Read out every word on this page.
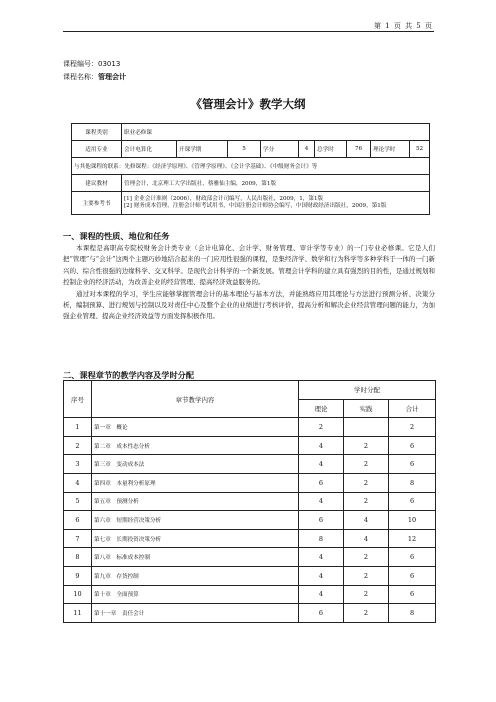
第 1 页 共 5 页
课程编号：03013
课程名称：管理会计
《管理会计》教学大纲
课程类别	职业必修课								
适用专业	会计电算化	开课学期	5	学分	4	总学时	76	理论学时	52
与其他课程的联系：先修课程：《经济学原理》、《管理学原理》、《会计学基础》、《中级财务会计》等									
建议教材	管理会计，北京理工大学出版社，蔡雅仙主编，2009，第1版								
主要参考书	[1] 企业会计准则（2006），财政部会计司编写，人民出版社，2009，1，第1版
[2] 财务成本管理，注册会计师考试用书，中国注册会计师协会编写，中国财政经济出版社，2009，第1版								
一、课程的性质、地位和任务

本课程是高职高专院校财务会计类专业（会计电算化、会计学、财务管理、审计学等专业）的一门专业必修课。它是人们把“管理”与“会计”这两个主题巧妙地结合起来的一门应用性很强的课程，是集经济学、数学和行为科学等多种学科于一体的一门新兴的、综合性很强的边缘科学、交叉科学。是现代会计科学的一个新发展。管理会计学科的建立具有强烈的目的性，是通过规划和控制企业的经济活动，为改善企业的经营管理、提高经济效益服务的。

通过对本课程的学习，学生应能够掌握管理会计的基本理论与基本方法，并能熟练应用其理论与方法进行预测分析、决策分析，编制预算、进行规划与控制以及对责任中心及整个企业的业绩进行考核评价，提高分析和解决企业经营管理问题的能力，为加强企业管理、提高企业经济效益等方面发挥积极作用。

二、课程章节的教学内容及学时分配
序号	章节教学内容	学时分配		
		理论	实践	合计
1	第一章　概论	2		2
2	第二章　成本性态分析	4	2	6
3	第三章　变动成本法	4	2	6
4	第四章　本量利分析原理	6	2	8
5	第五章　预测分析	4	2	6
6	第六章　短期经营决策分析	6	4	10
7	第七章　长期投资决策分析	8	4	12
8	第八章　标准成本控制	4	2	6
9	第九章　存货控制	4	2	6
10	第十章　全面预算	4	2	6
11	第十一章　责任会计	6	2	8
